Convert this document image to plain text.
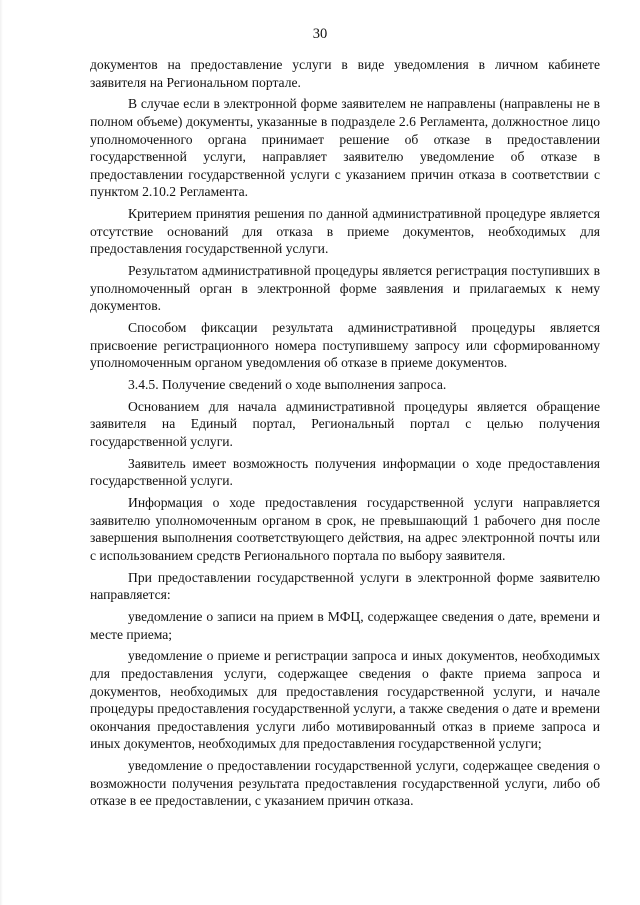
30

документов на предоставление услуги в виде уведомления в личном кабинете заявителя на Региональном портале.

В случае если в электронной форме заявителем не направлены (направлены не в полном объеме) документы, указанные в подразделе 2.6 Регламента, должностное лицо уполномоченного органа принимает решение об отказе в предоставлении государственной услуги, направляет заявителю уведомление об отказе в предоставлении государственной услуги с указанием причин отказа в соответствии с пунктом 2.10.2 Регламента.

Критерием принятия решения по данной административной процедуре является отсутствие оснований для отказа в приеме документов, необходимых для предоставления государственной услуги.

Результатом административной процедуры является регистрация поступивших в уполномоченный орган в электронной форме заявления и прилагаемых к нему документов.

Способом фиксации результата административной процедуры является присвоение регистрационного номера поступившему запросу или сформированному уполномоченным органом уведомления об отказе в приеме документов.

3.4.5. Получение сведений о ходе выполнения запроса.

Основанием для начала административной процедуры является обращение заявителя на Единый портал, Региональный портал с целью получения государственной услуги.

Заявитель имеет возможность получения информации о ходе предоставления государственной услуги.

Информация о ходе предоставления государственной услуги направляется заявителю уполномоченным органом в срок, не превышающий 1 рабочего дня после завершения выполнения соответствующего действия, на адрес электронной почты или с использованием средств Регионального портала по выбору заявителя.

При предоставлении государственной услуги в электронной форме заявителю направляется:

уведомление о записи на прием в МФЦ, содержащее сведения о дате, времени и месте приема;

уведомление о приеме и регистрации запроса и иных документов, необходимых для предоставления услуги, содержащее сведения о факте приема запроса и документов, необходимых для предоставления государственной услуги, и начале процедуры предоставления государственной услуги, а также сведения о дате и времени окончания предоставления услуги либо мотивированный отказ в приеме запроса и иных документов, необходимых для предоставления государственной услуги;

уведомление о предоставлении государственной услуги, содержащее сведения о возможности получения результата предоставления государственной услуги, либо об отказе в ее предоставлении, с указанием причин отказа.
